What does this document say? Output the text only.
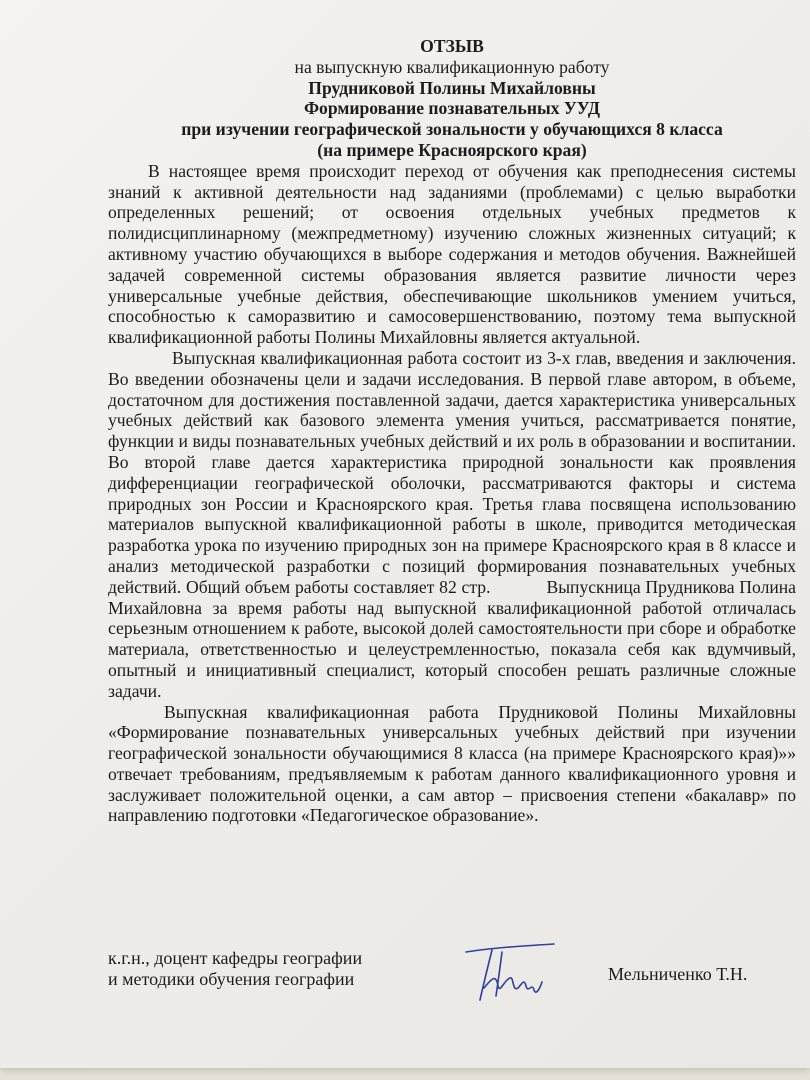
ОТЗЫВ
на выпускную квалификационную работу
Прудниковой Полины Михайловны
Формирование познавательных УУД
при изучении географической зональности у обучающихся 8 класса
(на примере Красноярского края)

В настоящее время происходит переход от обучения как преподнесения системы знаний к активной деятельности над заданиями (проблемами) с целью выработки определенных решений; от освоения отдельных учебных предметов к полидисциплинарному (межпредметному) изучению сложных жизненных ситуаций; к активному участию обучающихся в выборе содержания и методов обучения. Важнейшей задачей современной системы образования является развитие личности через универсальные учебные действия, обеспечивающие школьников умением учиться, способностью к саморазвитию и самосовершенствованию, поэтому тема выпускной квалификационной работы Полины Михайловны является актуальной.

Выпускная квалификационная работа состоит из 3-х глав, введения и заключения. Во введении обозначены цели и задачи исследования. В первой главе автором, в объеме, достаточном для достижения поставленной задачи, дается характеристика универсальных учебных действий как базового элемента умения учиться, рассматривается понятие, функции и виды познавательных учебных действий и их роль в образовании и воспитании. Во второй главе дается характеристика природной зональности как проявления дифференциации географической оболочки, рассматриваются факторы и система природных зон России и Красноярского края. Третья глава посвящена использованию материалов выпускной квалификационной работы в школе, приводится методическая разработка урока по изучению природных зон на примере Красноярского края в 8 классе и анализ методической разработки с позиций формирования познавательных учебных действий. Общий объем работы составляет 82 стр.	Выпускница Прудникова Полина Михайловна за время работы над выпускной квалификационной работой отличалась серьезным отношением к работе, высокой долей самостоятельности при сборе и обработке материала, ответственностью и целеустремленностью, показала себя как вдумчивый, опытный и инициативный специалист, который способен решать различные сложные задачи.

Выпускная квалификационная работа Прудниковой Полины Михайловны «Формирование познавательных универсальных учебных действий при изучении географической зональности обучающимися 8 класса (на примере Красноярского края)»» отвечает требованиям, предъявляемым к работам данного квалификационного уровня и заслуживает положительной оценки, а сам автор – присвоения степени «бакалавр» по направлению подготовки «Педагогическое образование».

к.г.н., доцент кафедры географии
и методики обучения географии	Мельниченко Т.Н.
